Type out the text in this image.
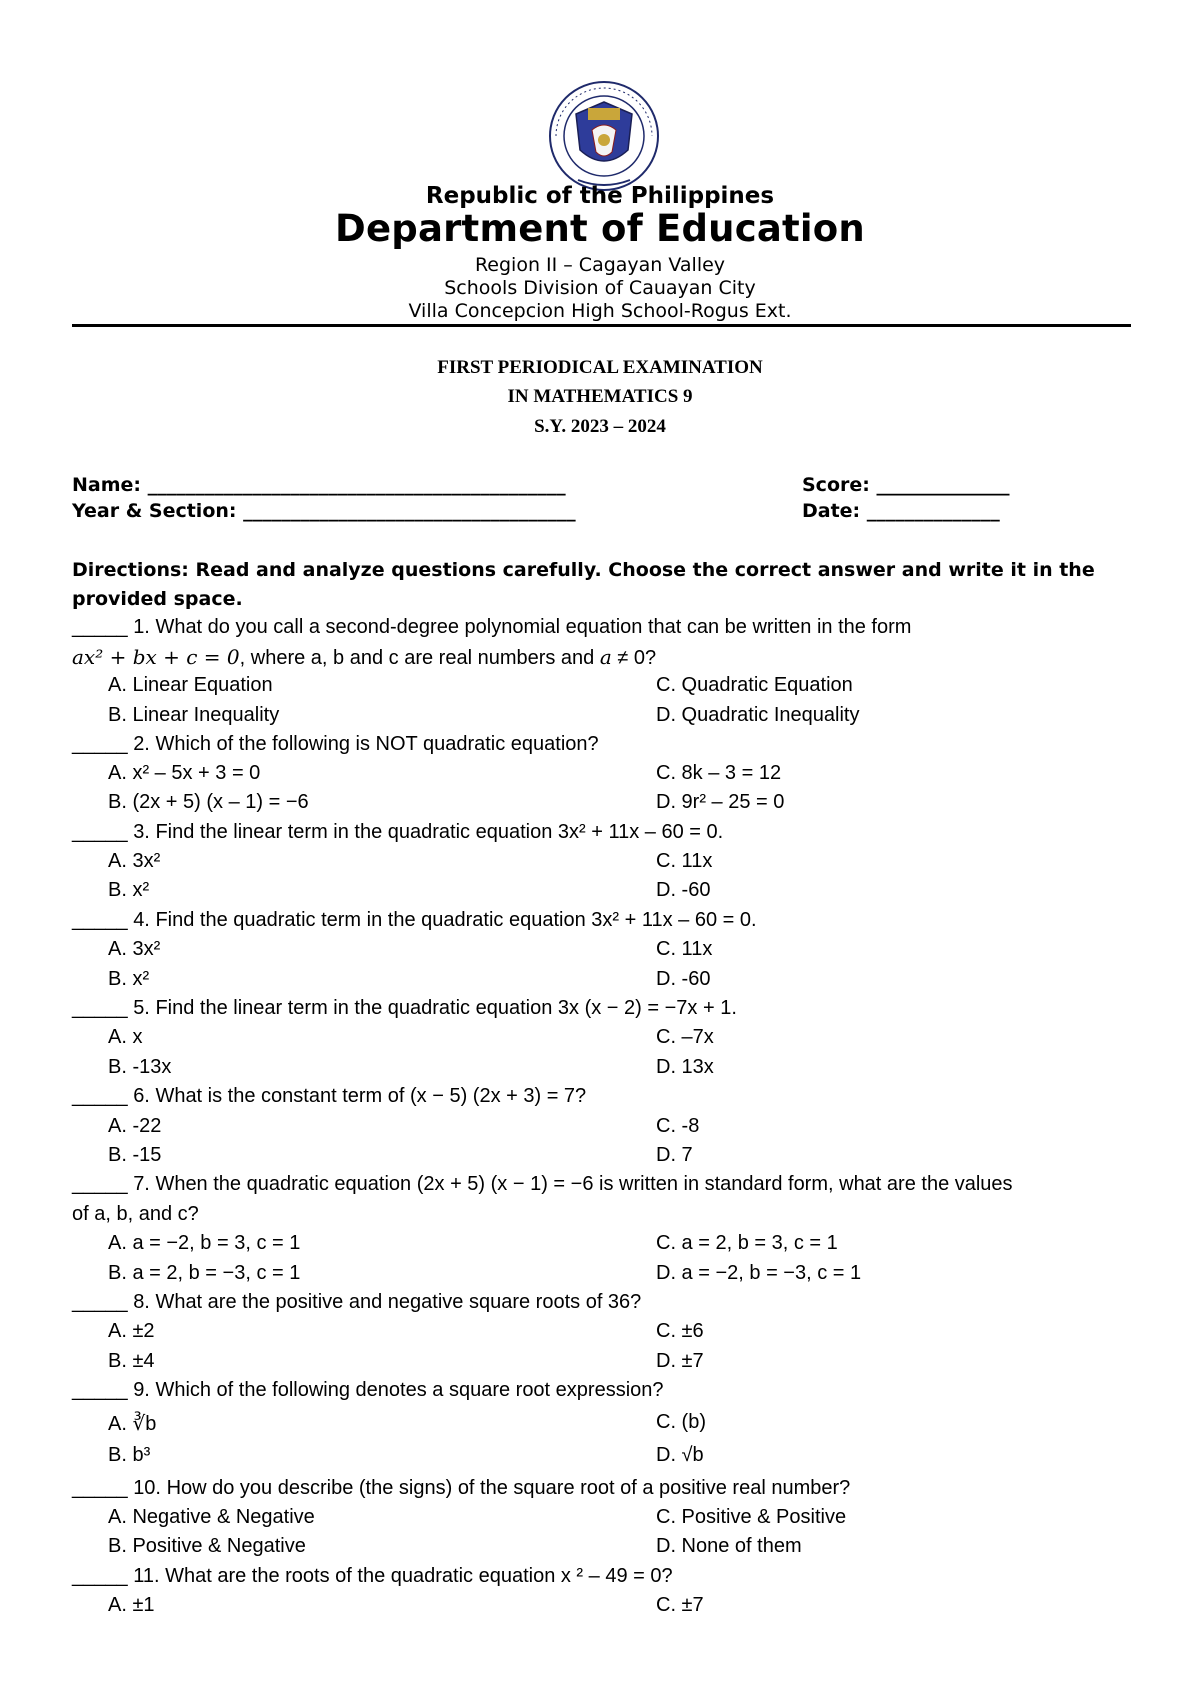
Republic of the Philippines
Department of Education
Region II – Cagayan Valley
Schools Division of Cauayan City
Villa Concepcion High School-Rogus Ext.
FIRST PERIODICAL EXAMINATION
IN MATHEMATICS 9
S.Y. 2023 – 2024
Name: ____________________________________________
Year & Section: ___________________________________
Score: ______________
Date: ______________
Directions: Read and analyze questions carefully. Choose the correct answer and write it in the provided space.
_____ 1. What do you call a second-degree polynomial equation that can be written in the form
ax² + bx + c = 0, where a, b and c are real numbers and a ≠ 0?
A. Linear Equation	C. Quadratic Equation
B. Linear Inequality	D. Quadratic Inequality
_____ 2. Which of the following is NOT quadratic equation?
A. x² – 5x + 3 = 0	C. 8k – 3 = 12
B. (2x + 5) (x – 1) = −6	D. 9r² – 25 = 0
_____ 3. Find the linear term in the quadratic equation 3x² + 11x – 60 = 0.
A. 3x²	C. 11x
B. x²	D. -60
_____ 4. Find the quadratic term in the quadratic equation 3x² + 11x – 60 = 0.
A. 3x²	C. 11x
B. x²	D. -60
_____ 5. Find the linear term in the quadratic equation 3x (x − 2) = −7x + 1.
A. x	C. –7x
B. -13x	D. 13x
_____ 6. What is the constant term of (x − 5) (2x + 3) = 7?
A. -22	C. -8
B. -15	D. 7
_____ 7. When the quadratic equation (2x + 5) (x − 1) = −6 is written in standard form, what are the values
of a, b, and c?
A. a = −2, b = 3, c = 1	C. a = 2, b = 3, c = 1
B. a = 2, b = −3, c = 1	D. a = −2, b = −3, c = 1
_____ 8. What are the positive and negative square roots of 36?
A. ±2	C. ±6
B. ±4	D. ±7
_____ 9. Which of the following denotes a square root expression?
A. ∛b	C. (b)
B. b³	D. √b
_____ 10. How do you describe (the signs) of the square root of a positive real number?
A. Negative & Negative	C. Positive & Positive
B. Positive & Negative	D. None of them
_____ 11. What are the roots of the quadratic equation x ² – 49 = 0?
A. ±1	C. ±7
